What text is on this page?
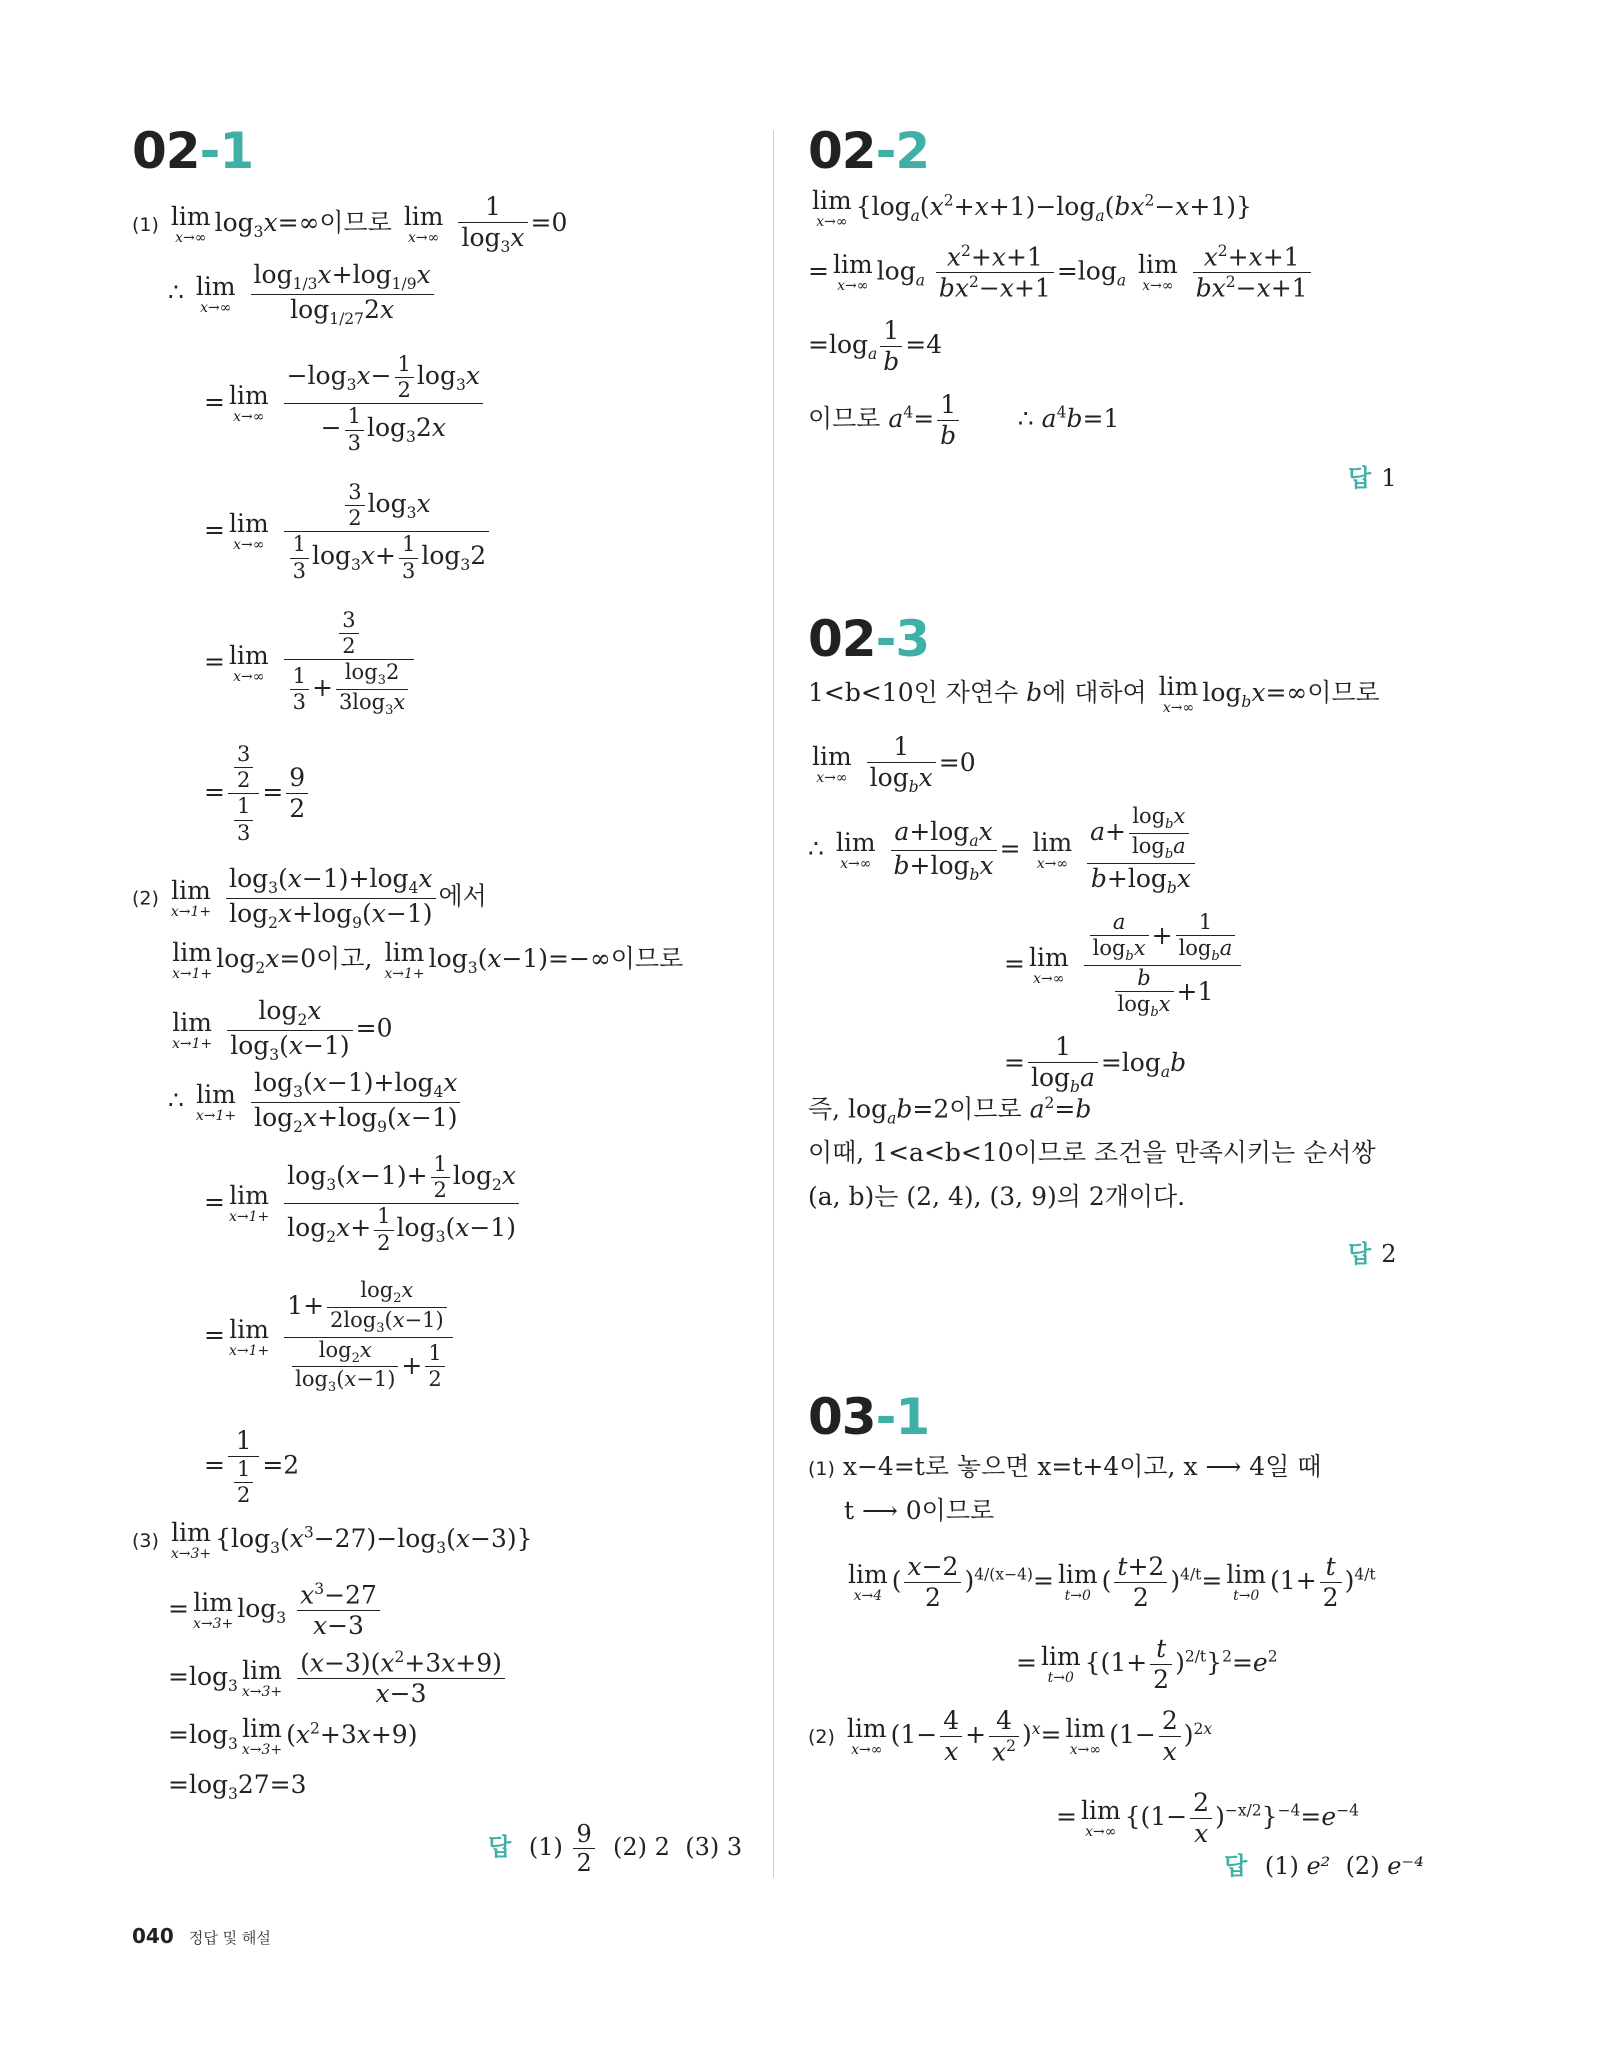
02-1
(1) lim
x→∞
$\log_3x=\infty$이므로 lim
x→∞
$\frac{1}{\log_3x} =0$
∴ lim
x→∞
$\frac{\log_{1/3}x+\log_{1/9}x}{\log_{1/27}2x}$
= lim
x→∞
$\frac{-\log_3x- \frac{1}{2} \log_3x}{- \frac{1}{3} \log_32x}$
= lim
x→∞
$\frac{\frac{3}{2} \log_3x}{\frac{1}{3} \log_3x+ \frac{1}{3} \log_32}$
= lim
x→∞
$\frac{\frac{3}{2}}{\frac{1}{3} + \frac{\log_32}{3\log_3x}}$
= $\frac{\frac{3}{2}}{\frac{1}{3}} = \frac{9}{2}$
(2) lim
x→1+
$\frac{\log_3(x-1)+\log_4x}{\log_2x+\log_9(x-1)}$ 에서
lim
x→1+
$\log_2x=0$이고, lim
x→1+
$\log_3(x-1)=-\infty$이므로
lim
x→1+
$\frac{\log_2x}{\log_3(x-1)} =0$
∴ lim
x→1+
$\frac{\log_3(x-1)+\log_4x}{\log_2x+\log_9(x-1)}$
= lim
x→1+
$\frac{\log_3(x-1)+ \frac{1}{2} \log_2x}{\log_2x+ \frac{1}{2} \log_3(x-1)}$
= lim
x→1+
$\frac{1+ \frac{\log_2x}{2\log_3(x-1)}}{\frac{\log_2x}{\log_3(x-1)} + \frac{1}{2}}$
= $\frac{1}{\frac{1}{2}} =2$
(3) lim
x→3+
$\{\log_3(x^3-27)-\log_3(x-3)\}$
= lim
x→3+
$\log_3 \frac{x^3-27}{x-3}$
$=\log_3$
lim
x→3+
$\frac{(x-3)(x^2+3x+9)}{x-3}$
$=\log_3$
lim
x→3+
$(x^2+3x+9)$
$=\log_327=3$
답 $(1) \frac{9}{2} (2)$ 2 (3) 3
02-2
lim
x→∞
$\{\log_a(x^2+x+1)-\log_a(bx^2-x+1)\}$
= lim
x→∞
$\log_a \frac{x^2+x+1}{bx^2-x+1} =\log_a$
lim
x→∞
$\frac{x^2+x+1}{bx^2-x+1}$
$=\log_a \frac{1}{b} =4$
이므로 $a^4= \frac{1}{b}$ ∴ $a^4b=1$
답 1
02-3
1<b<10인 자연수 b에 대하여 lim
x→∞
$\log_bx=\infty$이므로
lim
x→∞
$\frac{1}{\log_bx} =0$
∴ lim
x→∞
$\frac{a+\log_ax}{b+\log_bx} = \lim$
x→∞
$\frac{a+ \frac{\log_bx}{\log_ba}}{b+\log_bx}$
= lim
x→∞
$\frac{\frac{a}{\log_bx} + \frac{1}{\log_ba}}{\frac{b}{\log_bx} +1}$
= $\frac{1}{\log_ba} =\log_ab$
즉, $\log_ab=2$이므로 $a^2=b$
이때, 1<a<b<10이므로 조건을 만족시키는 순서쌍
(a, b)는 (2, 4), (3, 9)의 2개이다.
답 2
03-1
(1) x−4=t로 놓으면 x=t+4이고, x ⟶ 4일 때
t ⟶ 0이므로
lim
x→4
( $\frac{x-2}{2} )^{4/(x-4)}= \lim$
t→0
( $\frac{t+2}{2} )^{4/t}= \lim$
t→0
$(1+ \frac{t}{2} )^{4/t}$
= lim
t→0
$\{(1+ \frac{t}{2} )^{2/t}\}^2=e^2$
(2) lim
x→∞
$(1- \frac{4}{x} + \frac{4}{x^2} )^x= \lim$
x→∞
$(1- \frac{2}{x} )^{2x}$
= lim
x→∞
$\{(1- \frac{2}{x} )^{-x/2}\}^{-4}=e^{-4}$
답 (1) e² (2) e⁻⁴
040 정답 및 해설
